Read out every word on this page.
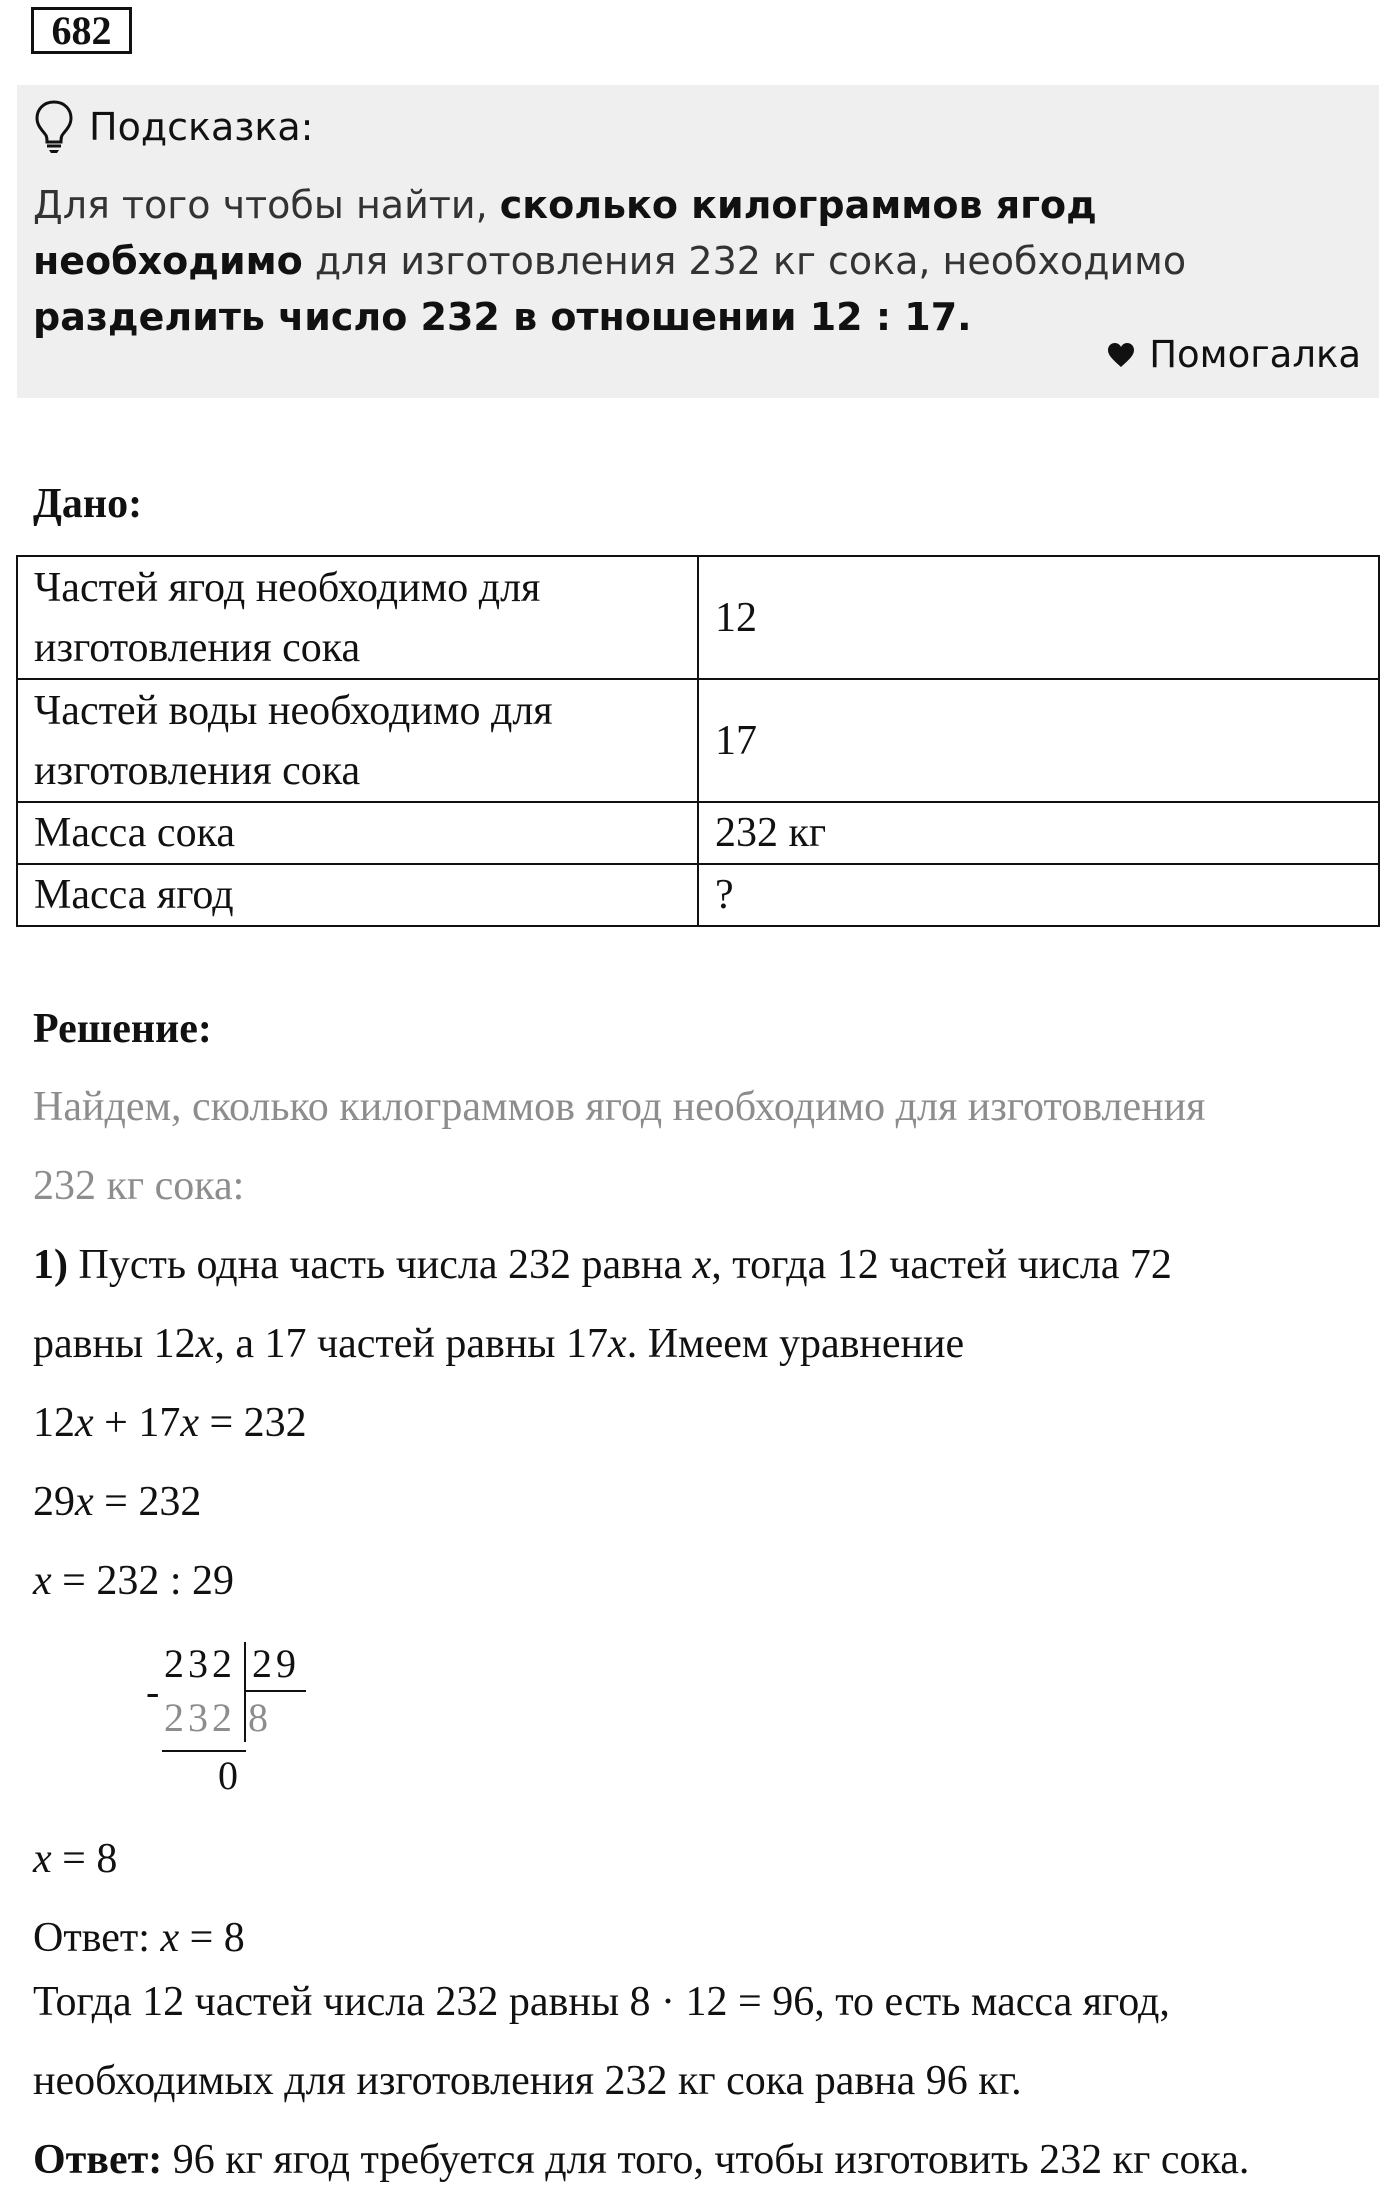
682
Подсказка:
Для того чтобы найти, сколько килограммов ягод необходимо для изготовления 232 кг сока, необходимо разделить число 232 в отношении 12 : 17.
Помогалка
Дано:
Частей ягод необходимо для
изготовления сока	12
Частей воды необходимо для
изготовления сока	17
Масса сока	232 кг
Масса ягод	?
Решение:
Найдем, сколько килограммов ягод необходимо для изготовления
232 кг сока:
1) Пусть одна часть числа 232 равна x, тогда 12 частей числа 72
равны 12x, а 17 частей равны 17x. Имеем уравнение
12x + 17x = 232
29x = 232
x = 232 : 29
-
232 29
232 8
0
x = 8
Ответ: x = 8
Тогда 12 частей числа 232 равны 8 · 12 = 96, то есть масса ягод,
необходимых для изготовления 232 кг сока равна 96 кг.
Ответ: 96 кг ягод требуется для того, чтобы изготовить 232 кг сока.
